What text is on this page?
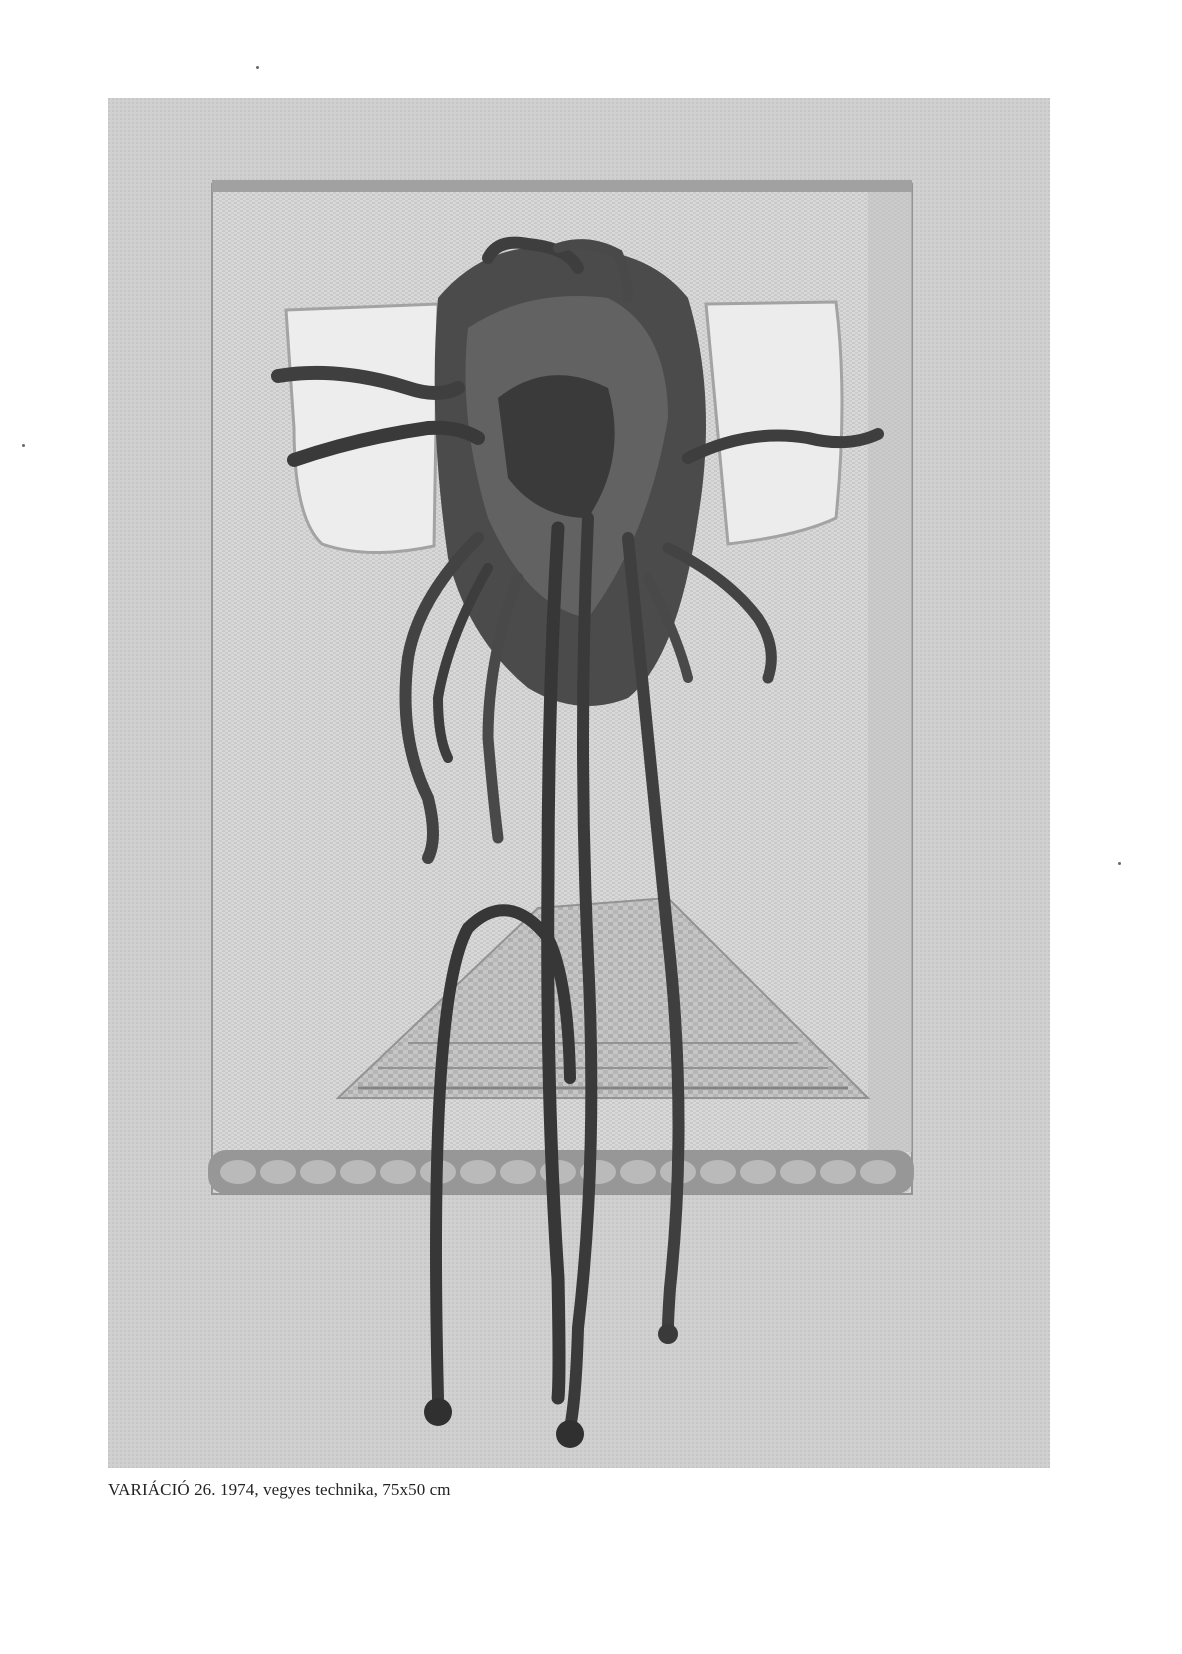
VARIÁCIÓ 26. 1974, vegyes technika, 75x50 cm
